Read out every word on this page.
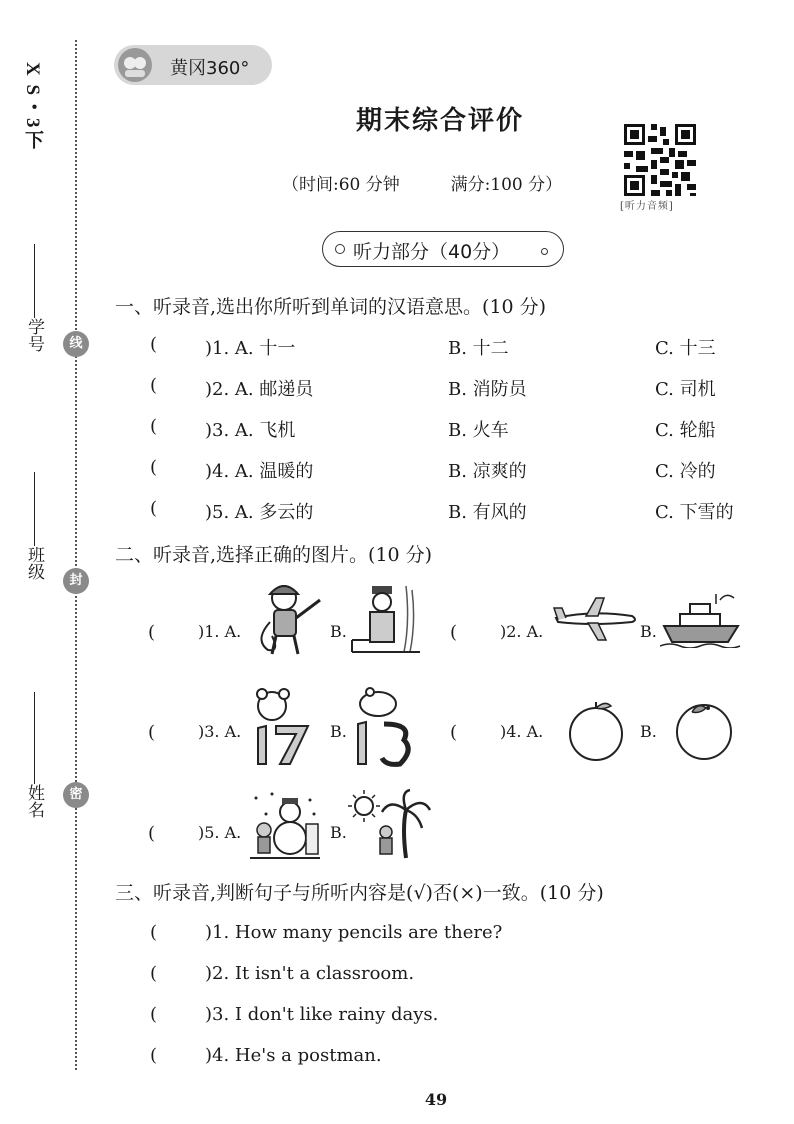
X S・3下
线
封
密
学号
班级
姓名
黄冈360°
期末综合评价
（时间:60 分钟	满分:100 分）
[听力音频]
听力部分（40分）
一、听录音,选出你所听到单词的汉语意思。(10 分)
(	)1. A. 十一	B. 十二	C. 十三
(	)2. A. 邮递员	B. 消防员	C. 司机
(	)3. A. 飞机	B. 火车	C. 轮船
(	)4. A. 温暖的	B. 凉爽的	C. 冷的
(	)5. A. 多云的	B. 有风的	C. 下雪的
二、听录音,选择正确的图片。(10 分)
(	)1. A.	B.	(	)2. A.	B.
(	)3. A.	B.	(	)4. A.	B.
(	)5. A.	B.
三、听录音,判断句子与所听内容是(√)否(×)一致。(10 分)
(	)1. How many pencils are there?
(	)2. It isn't a classroom.
(	)3. I don't like rainy days.
(	)4. He's a postman.
49
